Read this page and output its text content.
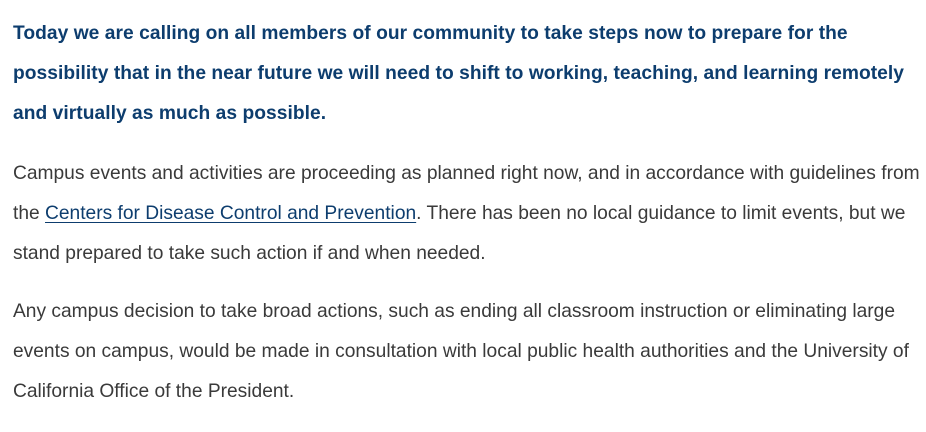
Today we are calling on all members of our community to take steps now to prepare for the possibility that in the near future we will need to shift to working, teaching, and learning remotely and virtually as much as possible.

Campus events and activities are proceeding as planned right now, and in accordance with guidelines from the Centers for Disease Control and Prevention. There has been no local guidance to limit events, but we stand prepared to take such action if and when needed.

Any campus decision to take broad actions, such as ending all classroom instruction or eliminating large events on campus, would be made in consultation with local public health authorities and the University of California Office of the President.
